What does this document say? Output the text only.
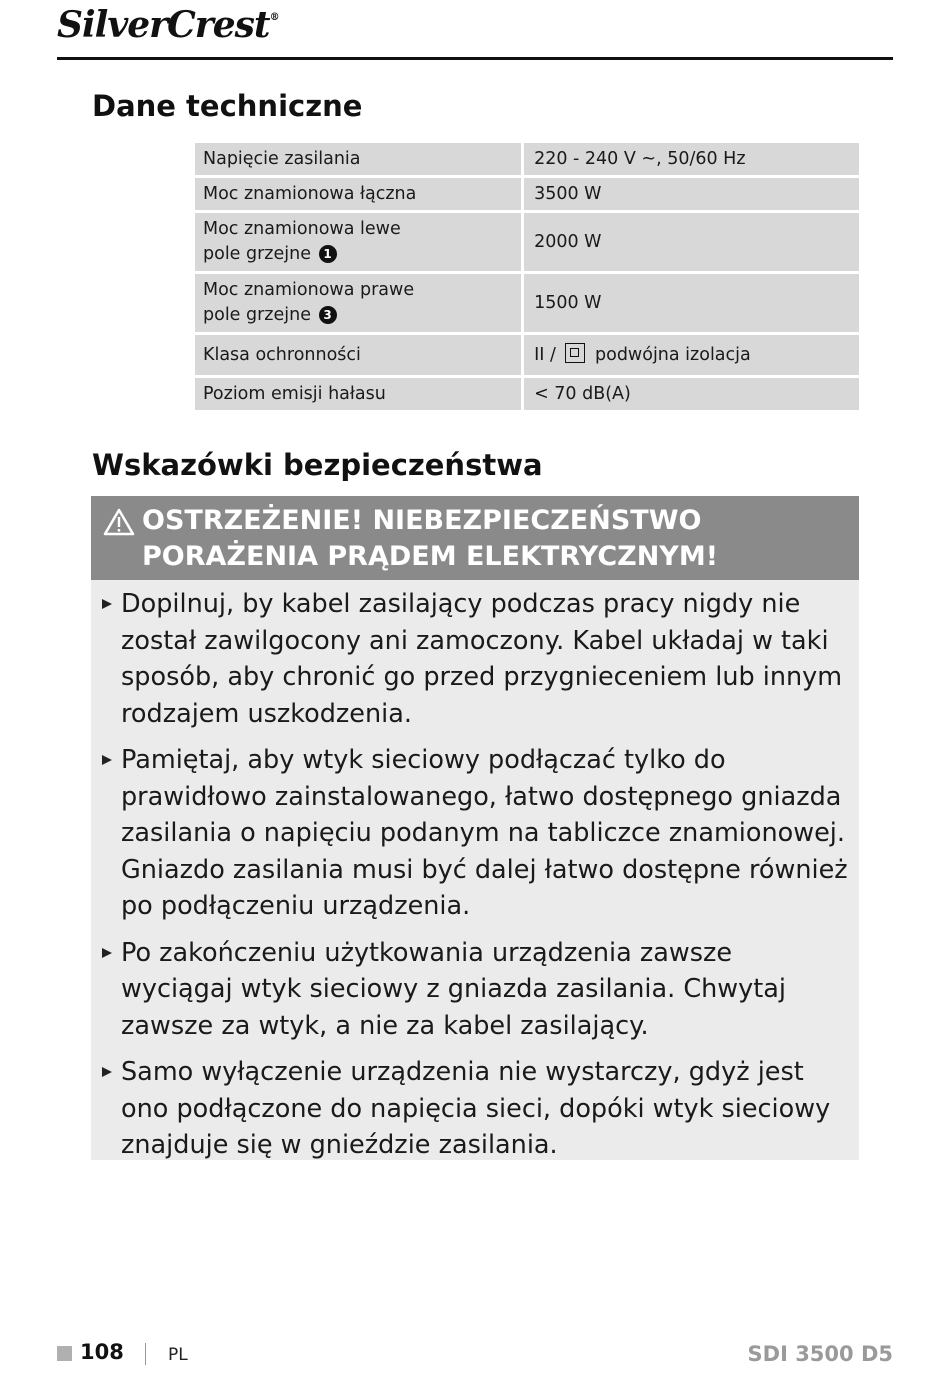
SilverCrest®
Dane techniczne
Napięcie zasilania	220 - 240 V ~, 50/60 Hz
Moc znamionowa łączna	3500 W
Moc znamionowa lewe
pole grzejne 1	2000 W
Moc znamionowa prawe
pole grzejne 3	1500 W
Klasa ochronności	II / podwójna izolacja
Poziom emisji hałasu	< 70 dB(A)
Wskazówki bezpieczeństwa
OSTRZEŻENIE! NIEBEZPIECZEŃSTWO
PORAŻENIA PRĄDEM ELEKTRYCZNYM!
Dopilnuj, by kabel zasilający podczas pracy nigdy nie został zawilgocony ani zamoczony. Kabel układaj w taki sposób, aby chronić go przed przygnieceniem lub innym rodzajem uszkodzenia.
Pamiętaj, aby wtyk sieciowy podłączać tylko do prawidłowo zainstalowanego, łatwo dostępnego gniazda zasilania o napięciu podanym na tabliczce znamionowej. Gniazdo zasilania musi być dalej łatwo dostępne również po podłączeniu urządzenia.
Po zakończeniu użytkowania urządzenia zawsze wyciągaj wtyk sieciowy z gniazda zasilania. Chwytaj zawsze za wtyk, a nie za kabel zasilający.
Samo wyłączenie urządzenia nie wystarczy, gdyż jest ono podłączone do napięcia sieci, dopóki wtyk sieciowy znajduje się w gnieździe zasilania.
108	PL	SDI 3500 D5
